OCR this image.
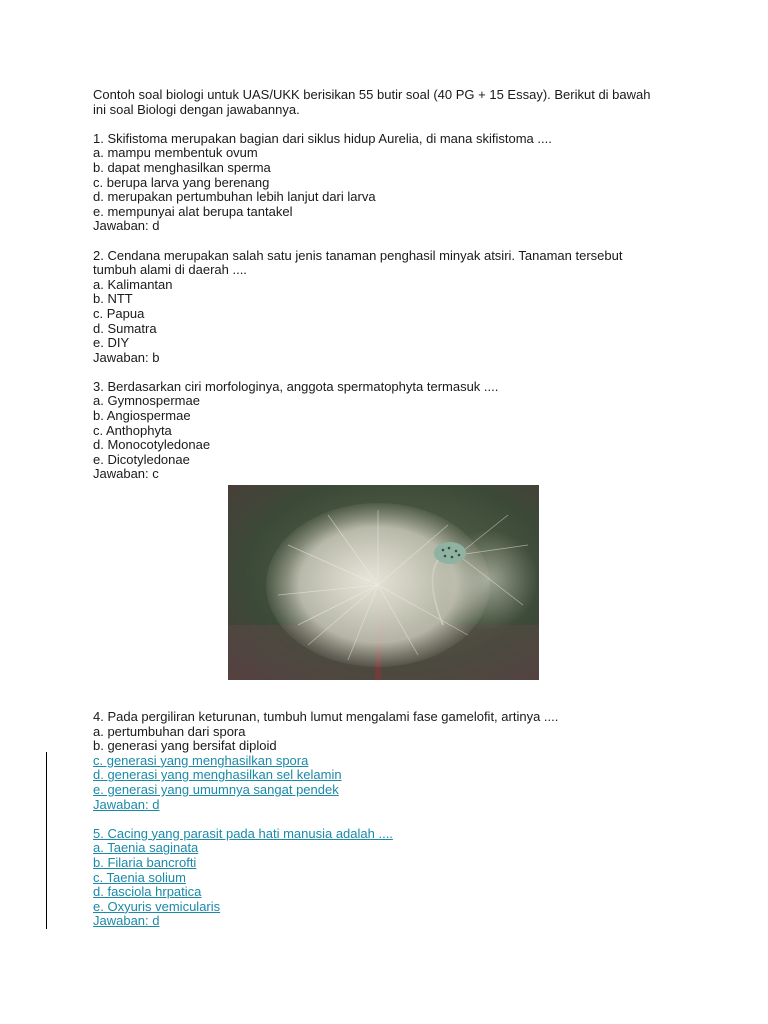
Contoh soal biologi untuk UAS/UKK berisikan 55 butir soal (40 PG + 15 Essay). Berikut di bawah

ini soal Biologi dengan jawabannya.

1. Skifistoma merupakan bagian dari siklus hidup Aurelia, di mana skifistoma ....

a. mampu membentuk ovum

b. dapat menghasilkan sperma

c. berupa larva yang berenang

d. merupakan pertumbuhan lebih lanjut dari larva

e. mempunyai alat berupa tantakel

Jawaban: d

2. Cendana merupakan salah satu jenis tanaman penghasil minyak atsiri. Tanaman tersebut

tumbuh alami di daerah ....

a. Kalimantan

b. NTT

c. Papua

d. Sumatra

e. DIY

Jawaban: b

3. Berdasarkan ciri morfologinya, anggota spermatophyta termasuk ....

a. Gymnospermae

b. Angiospermae

c. Anthophyta

d. Monocotyledonae

e. Dicotyledonae

Jawaban: c

4. Pada pergiliran keturunan, tumbuh lumut mengalami fase gamelofit, artinya ....

a. pertumbuhan dari spora

b. generasi yang bersifat diploid

c. generasi yang menghasilkan spora

d. generasi yang menghasilkan sel kelamin

e. generasi yang umumnya sangat pendek

Jawaban: d

5. Cacing yang parasit pada hati manusia adalah ....

a. Taenia saginata

b. Filaria bancrofti

c. Taenia solium

d. fasciola hrpatica

e. Oxyuris vemicularis

Jawaban: d
